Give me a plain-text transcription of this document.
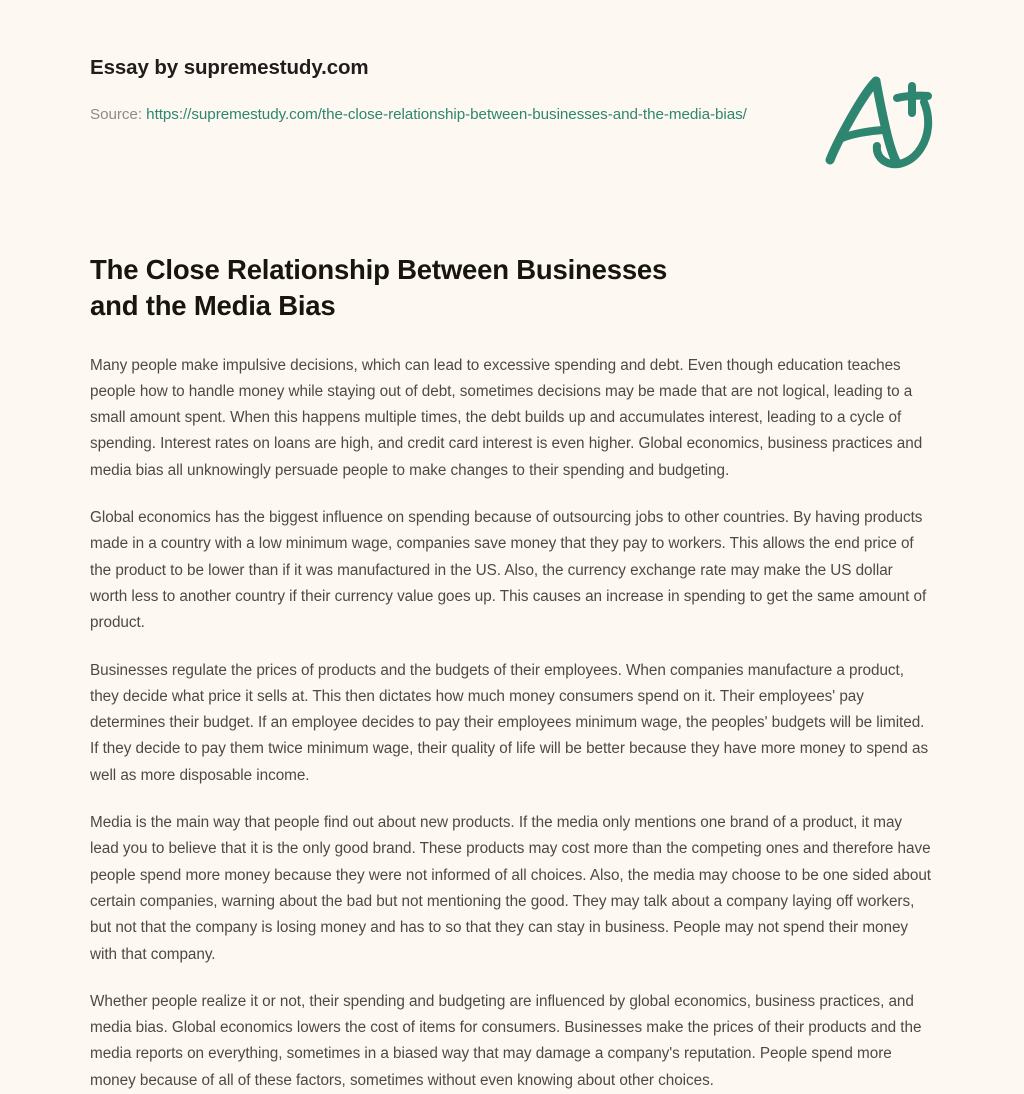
Essay by supremestudy.com
Source: https://supremestudy.com/the-close-relationship-between-businesses-and-the-media-bias/
The Close Relationship Between Businesses and the Media Bias

Many people make impulsive decisions, which can lead to excessive spending and debt. Even though education teaches people how to handle money while staying out of debt, sometimes decisions may be made that are not logical, leading to a small amount spent. When this happens multiple times, the debt builds up and accumulates interest, leading to a cycle of spending. Interest rates on loans are high, and credit card interest is even higher. Global economics, business practices and media bias all unknowingly persuade people to make changes to their spending and budgeting.

Global economics has the biggest influence on spending because of outsourcing jobs to other countries. By having products made in a country with a low minimum wage, companies save money that they pay to workers. This allows the end price of the product to be lower than if it was manufactured in the US. Also, the currency exchange rate may make the US dollar worth less to another country if their currency value goes up. This causes an increase in spending to get the same amount of product.

Businesses regulate the prices of products and the budgets of their employees. When companies manufacture a product, they decide what price it sells at. This then dictates how much money consumers spend on it. Their employees' pay determines their budget. If an employee decides to pay their employees minimum wage, the peoples' budgets will be limited. If they decide to pay them twice minimum wage, their quality of life will be better because they have more money to spend as well as more disposable income.

Media is the main way that people find out about new products. If the media only mentions one brand of a product, it may lead you to believe that it is the only good brand. These products may cost more than the competing ones and therefore have people spend more money because they were not informed of all choices. Also, the media may choose to be one sided about certain companies, warning about the bad but not mentioning the good. They may talk about a company laying off workers, but not that the company is losing money and has to so that they can stay in business. People may not spend their money with that company.

Whether people realize it or not, their spending and budgeting are influenced by global economics, business practices, and media bias. Global economics lowers the cost of items for consumers. Businesses make the prices of their products and the media reports on everything, sometimes in a biased way that may damage a company's reputation. People spend more money because of all of these factors, sometimes without even knowing about other choices.
